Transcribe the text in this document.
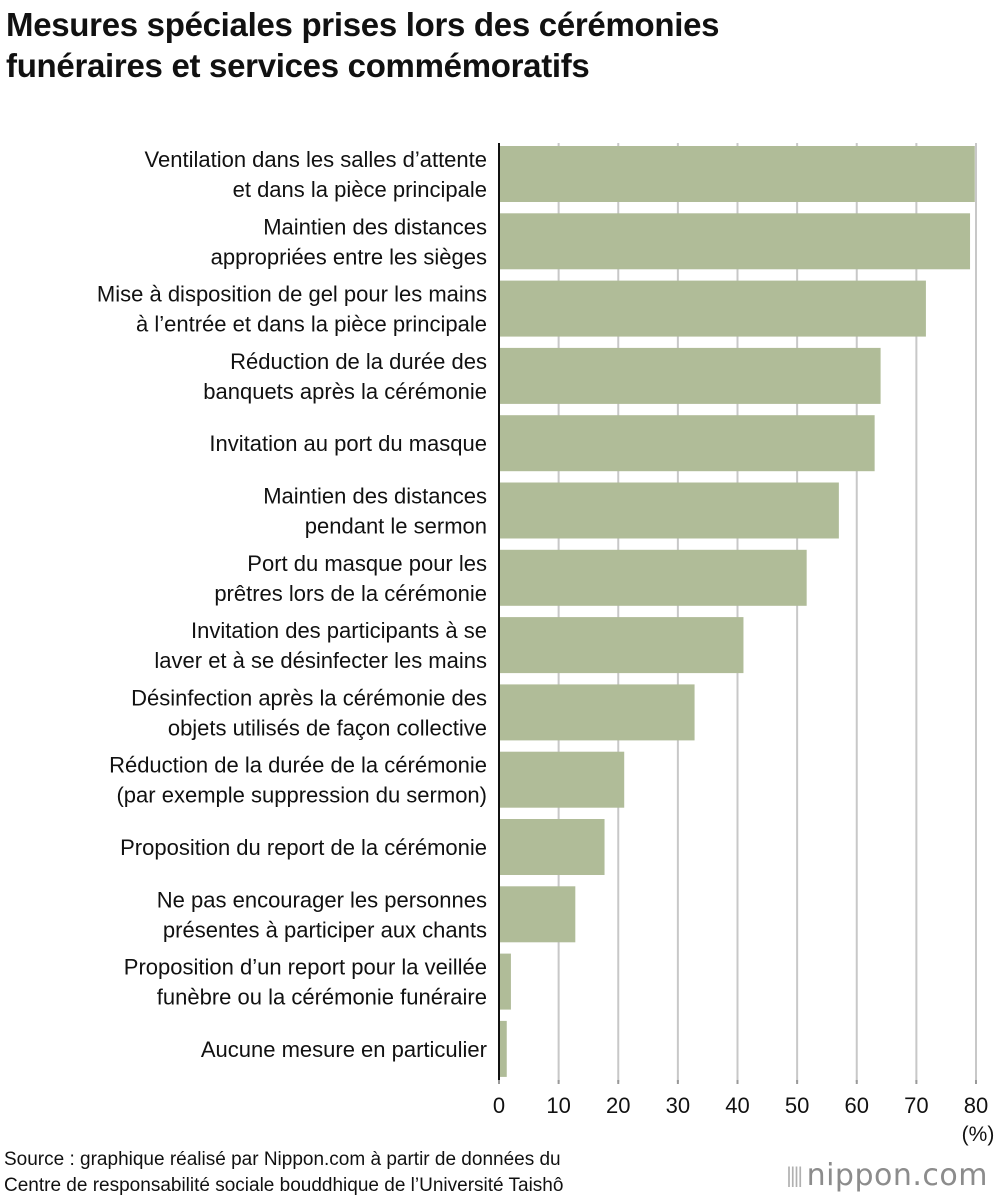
Mesures spéciales prises lors des cérémonies
funéraires et services commémoratifs
Ventilation dans les salles d’attente et dans la pièce principale
Maintien des distances appropriées entre les sièges
Mise à disposition de gel pour les mains à l’entrée et dans la pièce principale
Réduction de la durée des banquets après la cérémonie
Invitation au port du masque
Maintien des distances pendant le sermon
Port du masque pour les prêtres lors de la cérémonie
Invitation des participants à se laver et à se désinfecter les mains
Désinfection après la cérémonie des objets utilisés de façon collective
Réduction de la durée de la cérémonie (par exemple suppression du sermon)
Proposition du report de la cérémonie
Ne pas encourager les personnes présentes à participer aux chants
Proposition d’un report pour la veillée funèbre ou la cérémonie funéraire
Aucune mesure en particulier
0 10 20 30 40 50 60 70 80
(%)
Source : graphique réalisé par Nippon.com à partir de données du
Centre de responsabilité sociale bouddhique de l’Université Taishô	|||| nippon.com
